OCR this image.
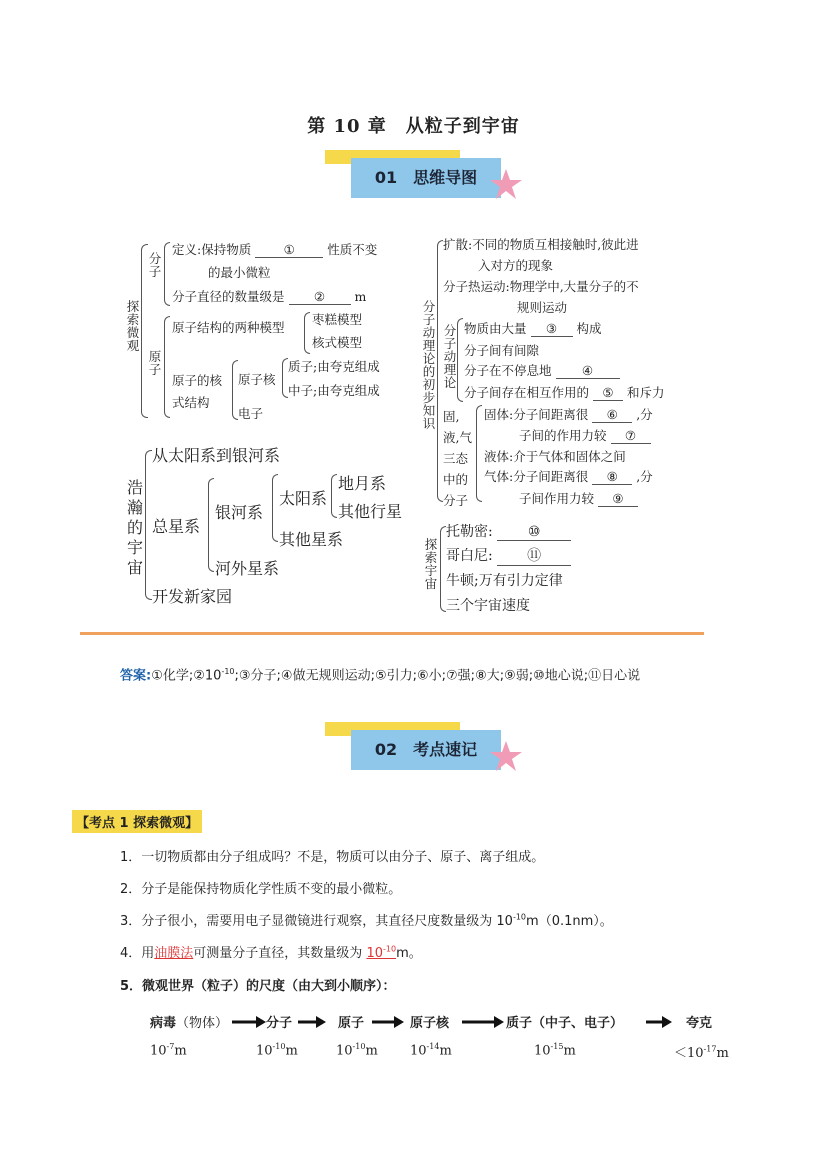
第 10 章　从粒子到宇宙
01　思维导图
探索微观
分子
定义:保持物质	①	性质不变
的最小微粒
分子直径的数量级是 ② m
原子
原子结构的两种模型
枣糕模型
核式模型
原子的核式结构
原子核
质子;由夸克组成
中子;由夸克组成
电子
分子动理论的初步知识
扩散:不同的物质互相接触时,彼此进
入对方的现象
分子热运动:物理学中,大量分子的不
规则运动
分子动理论
物质由大量 ③ 构成
分子间有间隙
分子在不停息地 ④
分子间存在相互作用的 ⑤ 和斥力
固,液,气三态中的分子
固体:分子间距离很 ⑥ ,分
子间的作用力较 ⑦
液体:介于气体和固体之间
气体:分子间距离很 ⑧ ,分
子间作用力较 ⑨
浩瀚的宇宙
从太阳系到银河系
总星系
银河系
太阳系
地月系
其他行星
其他星系
河外星系
开发新家园
探索宇宙
托勒密:	⑩
哥白尼: ⑪
牛顿;万有引力定律
三个宇宙速度
答案:①化学$;②10^{-10};③$分子;④做无规则运动;⑤引力;⑥小;⑦强;⑧大;⑨弱;⑩地心说;⑪日心说
02　考点速记
【考点 1 探索微观】
1．一切物质都由分子组成吗？不是，物质可以由分子、原子、离子组成。
2．分子是能保持物质化学性质不变的最小微粒。
3．分子很小，需要用电子显微镜进行观察，其直径尺度数量级为 $10^{-10}m(0.1nm)$。
4．用油膜法可测量分子直径，其数量级为 $10^{-10}m$。
5．微观世界（粒子）的尺度（由大到小顺序）：
病毒（物体）	分子	原子	原子核	质子（中子、电子）	夸克
$10^{-7}m$	$10^{-10}m$	$10^{-10}m$ $10^{-14}m$	$10^{-15}m$	$<10^{-17}m$
